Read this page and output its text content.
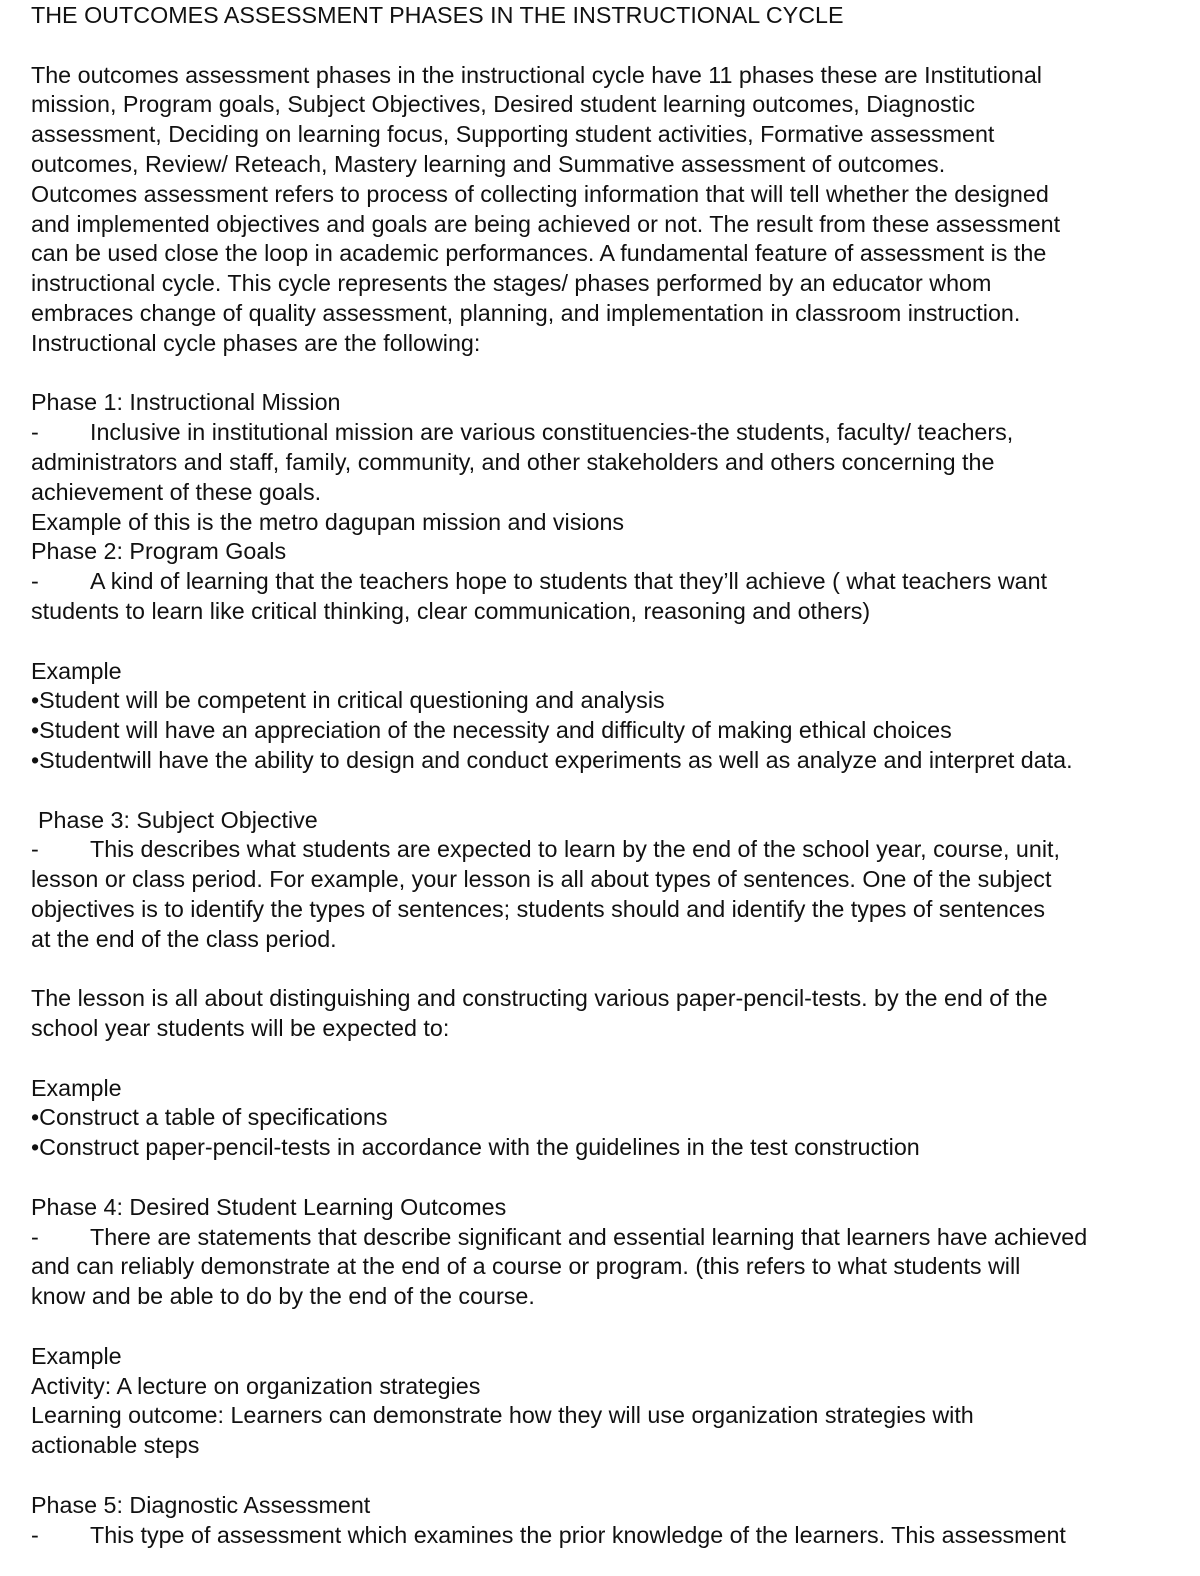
THE OUTCOMES ASSESSMENT PHASES IN THE INSTRUCTIONAL CYCLE

The outcomes assessment phases in the instructional cycle have 11 phases these are Institutional

mission, Program goals, Subject Objectives, Desired student learning outcomes, Diagnostic

assessment, Deciding on learning focus, Supporting student activities, Formative assessment

outcomes, Review/ Reteach, Mastery learning and Summative assessment of outcomes.

Outcomes assessment refers to process of collecting information that will tell whether the designed

and implemented objectives and goals are being achieved or not. The result from these assessment

can be used close the loop in academic performances. A fundamental feature of assessment is the

instructional cycle. This cycle represents the stages/ phases performed by an educator whom

embraces change of quality assessment, planning, and implementation in classroom instruction.

Instructional cycle phases are the following:

Phase 1: Instructional Mission

-	Inclusive in institutional mission are various constituencies-the students, faculty/ teachers,

administrators and staff, family, community, and other stakeholders and others concerning the

achievement of these goals.

Example of this is the metro dagupan mission and visions

Phase 2: Program Goals

-	A kind of learning that the teachers hope to students that they’ll achieve ( what teachers want

students to learn like critical thinking, clear communication, reasoning and others)

Example

•Student will be competent in critical questioning and analysis

•Student will have an appreciation of the necessity and difficulty of making ethical choices

•Studentwill have the ability to design and conduct experiments as well as analyze and interpret data.

Phase 3: Subject Objective

-	This describes what students are expected to learn by the end of the school year, course, unit,

lesson or class period. For example, your lesson is all about types of sentences. One of the subject

objectives is to identify the types of sentences; students should and identify the types of sentences

at the end of the class period.

The lesson is all about distinguishing and constructing various paper-pencil-tests. by the end of the

school year students will be expected to:

Example

•Construct a table of specifications

•Construct paper-pencil-tests in accordance with the guidelines in the test construction

Phase 4: Desired Student Learning Outcomes

-	There are statements that describe significant and essential learning that learners have achieved

and can reliably demonstrate at the end of a course or program. (this refers to what students will

know and be able to do by the end of the course.

Example

Activity: A lecture on organization strategies

Learning outcome: Learners can demonstrate how they will use organization strategies with

actionable steps

Phase 5: Diagnostic Assessment

-	This type of assessment which examines the prior knowledge of the learners. This assessment
